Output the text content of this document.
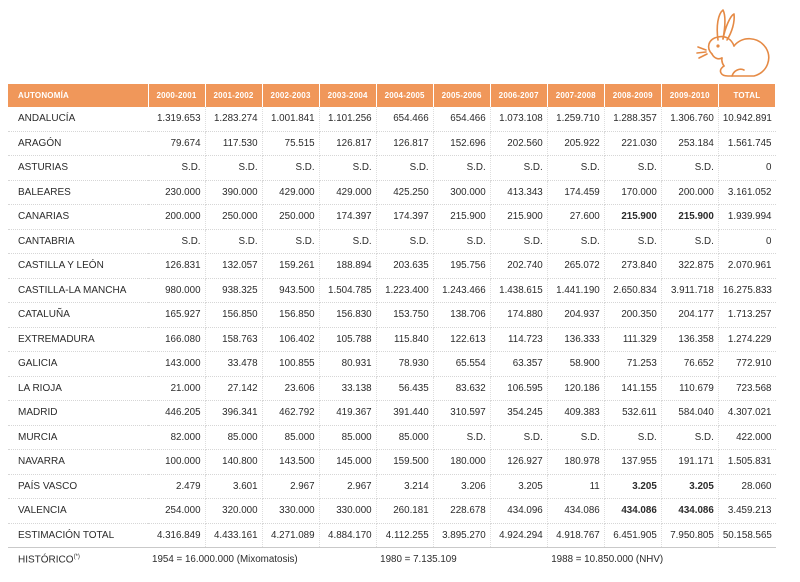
AUTONOMÍA	2000-2001	2001-2002	2002-2003	2003-2004	2004-2005	2005-2006	2006-2007	2007-2008	2008-2009	2009-2010	TOTAL
ANDALUCÍA	1.319.653	1.283.274	1.001.841	1.101.256	654.466	654.466	1.073.108	1.259.710	1.288.357	1.306.760	10.942.891
ARAGÓN	79.674	117.530	75.515	126.817	126.817	152.696	202.560	205.922	221.030	253.184	1.561.745
ASTURIAS	S.D.	S.D.	S.D.	S.D.	S.D.	S.D.	S.D.	S.D.	S.D.	S.D.	0
BALEARES	230.000	390.000	429.000	429.000	425.250	300.000	413.343	174.459	170.000	200.000	3.161.052
CANARIAS	200.000	250.000	250.000	174.397	174.397	215.900	215.900	27.600	215.900	215.900	1.939.994
CANTABRIA	S.D.	S.D.	S.D.	S.D.	S.D.	S.D.	S.D.	S.D.	S.D.	S.D.	0
CASTILLA Y LEÓN	126.831	132.057	159.261	188.894	203.635	195.756	202.740	265.072	273.840	322.875	2.070.961
CASTILLA-LA MANCHA	980.000	938.325	943.500	1.504.785	1.223.400	1.243.466	1.438.615	1.441.190	2.650.834	3.911.718	16.275.833
CATALUÑA	165.927	156.850	156.850	156.830	153.750	138.706	174.880	204.937	200.350	204.177	1.713.257
EXTREMADURA	166.080	158.763	106.402	105.788	115.840	122.613	114.723	136.333	111.329	136.358	1.274.229
GALICIA	143.000	33.478	100.855	80.931	78.930	65.554	63.357	58.900	71.253	76.652	772.910
LA RIOJA	21.000	27.142	23.606	33.138	56.435	83.632	106.595	120.186	141.155	110.679	723.568
MADRID	446.205	396.341	462.792	419.367	391.440	310.597	354.245	409.383	532.611	584.040	4.307.021
MURCIA	82.000	85.000	85.000	85.000	85.000	S.D.	S.D.	S.D.	S.D.	S.D.	422.000
NAVARRA	100.000	140.800	143.500	145.000	159.500	180.000	126.927	180.978	137.955	191.171	1.505.831
PAÍS VASCO	2.479	3.601	2.967	2.967	3.214	3.206	3.205	11	3.205	3.205	28.060
VALENCIA	254.000	320.000	330.000	330.000	260.181	228.678	434.096	434.086	434.086	434.086	3.459.213
ESTIMACIÓN TOTAL	4.316.849	4.433.161	4.271.089	4.884.170	4.112.255	3.895.270	4.924.294	4.918.767	6.451.905	7.950.805	50.158.565
HISTÓRICO(*)	1954 = 16.000.000 (Mixomatosis)				1980 = 7.135.109			1988 = 10.850.000 (NHV)			
